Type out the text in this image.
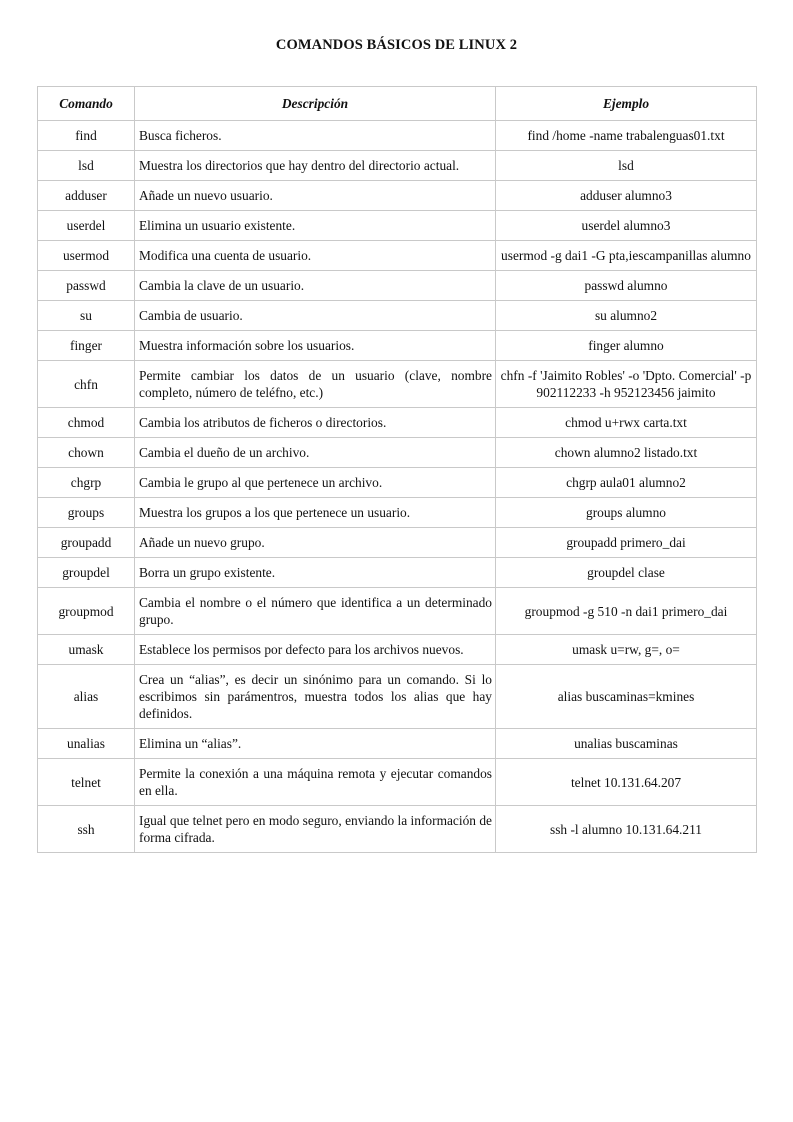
COMANDOS BÁSICOS DE LINUX 2
Comando	Descripción	Ejemplo
find	Busca ficheros.	find /home -name trabalenguas01.txt
lsd	Muestra los directorios que hay dentro del directorio actual.	lsd
adduser	Añade un nuevo usuario.	adduser alumno3
userdel	Elimina un usuario existente.	userdel alumno3
usermod	Modifica una cuenta de usuario.	usermod -g dai1 -G pta,iescampanillas alumno
passwd	Cambia la clave de un usuario.	passwd alumno
su	Cambia de usuario.	su alumno2
finger	Muestra información sobre los usuarios.	finger alumno
chfn	Permite cambiar los datos de un usuario (clave, nombre completo, número de teléfno, etc.)	chfn -f 'Jaimito Robles' -o 'Dpto. Comercial' -p 902112233 -h 952123456 jaimito
chmod	Cambia los atributos de ficheros o directorios.	chmod u+rwx carta.txt
chown	Cambia el dueño de un archivo.	chown alumno2 listado.txt
chgrp	Cambia le grupo al que pertenece un archivo.	chgrp aula01 alumno2
groups	Muestra los grupos a los que pertenece un usuario.	groups alumno
groupadd	Añade un nuevo grupo.	groupadd primero_dai
groupdel	Borra un grupo existente.	groupdel clase
groupmod	Cambia el nombre o el número que identifica a un determinado grupo.	groupmod -g 510 -n dai1 primero_dai
umask	Establece los permisos por defecto para los archivos nuevos.	umask u=rw, g=, o=
alias	Crea un “alias”, es decir un sinónimo para un comando. Si lo escribimos sin parámentros, muestra todos los alias que hay definidos.	alias buscaminas=kmines
unalias	Elimina un “alias”.	unalias buscaminas
telnet	Permite la conexión a una máquina remota y ejecutar comandos en ella.	telnet 10.131.64.207
ssh	Igual que telnet pero en modo seguro, enviando la información de forma cifrada.	ssh -l alumno 10.131.64.211
